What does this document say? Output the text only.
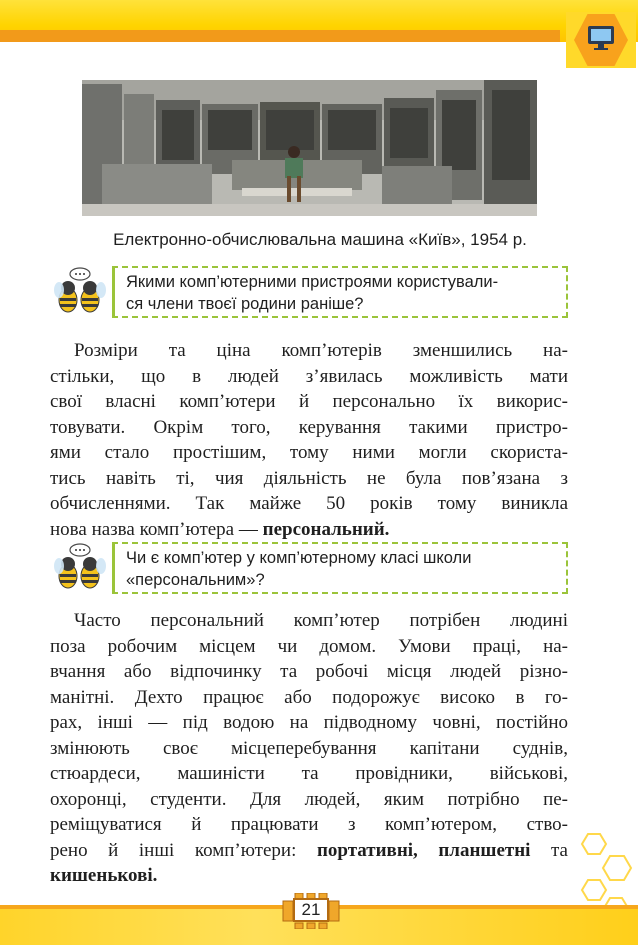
Електронно-обчислювальна машина «Київ», 1954 р.

Якими комп’ютерними пристроями користували-

ся члени твоєї родини раніше?

Розміри та ціна комп’ютерів зменшились на-
стільки, що в людей з’явилась можливість мати
свої власні комп’ютери й персонально їх викорис-
товувати. Окрім того, керування такими пристро-
ями стало простішим, тому ними могли скориста-
тись навіть ті, чия діяльність не була пов’язана з
обчисленнями. Так майже 50 років тому виникла
нова назва комп’ютера — персональний.

Чи є комп’ютер у комп’ютерному класі школи

«персональним»?

Часто персональний комп’ютер потрібен людині
поза робочим місцем чи домом. Умови праці, на-
вчання або відпочинку та робочі місця людей різно-
манітні. Дехто працює або подорожує високо в го-
рах, інші — під водою на підводному човні, постійно
змінюють своє місцеперебування капітани суднів,
стюардеси, машиністи та провідники, військові,
охоронці, студенти. Для людей, яким потрібно пе-
реміщуватися й працювати з комп’ютером, ство-
рено й інші комп’ютери: портативні, планшетні та
кишенькові.
21
